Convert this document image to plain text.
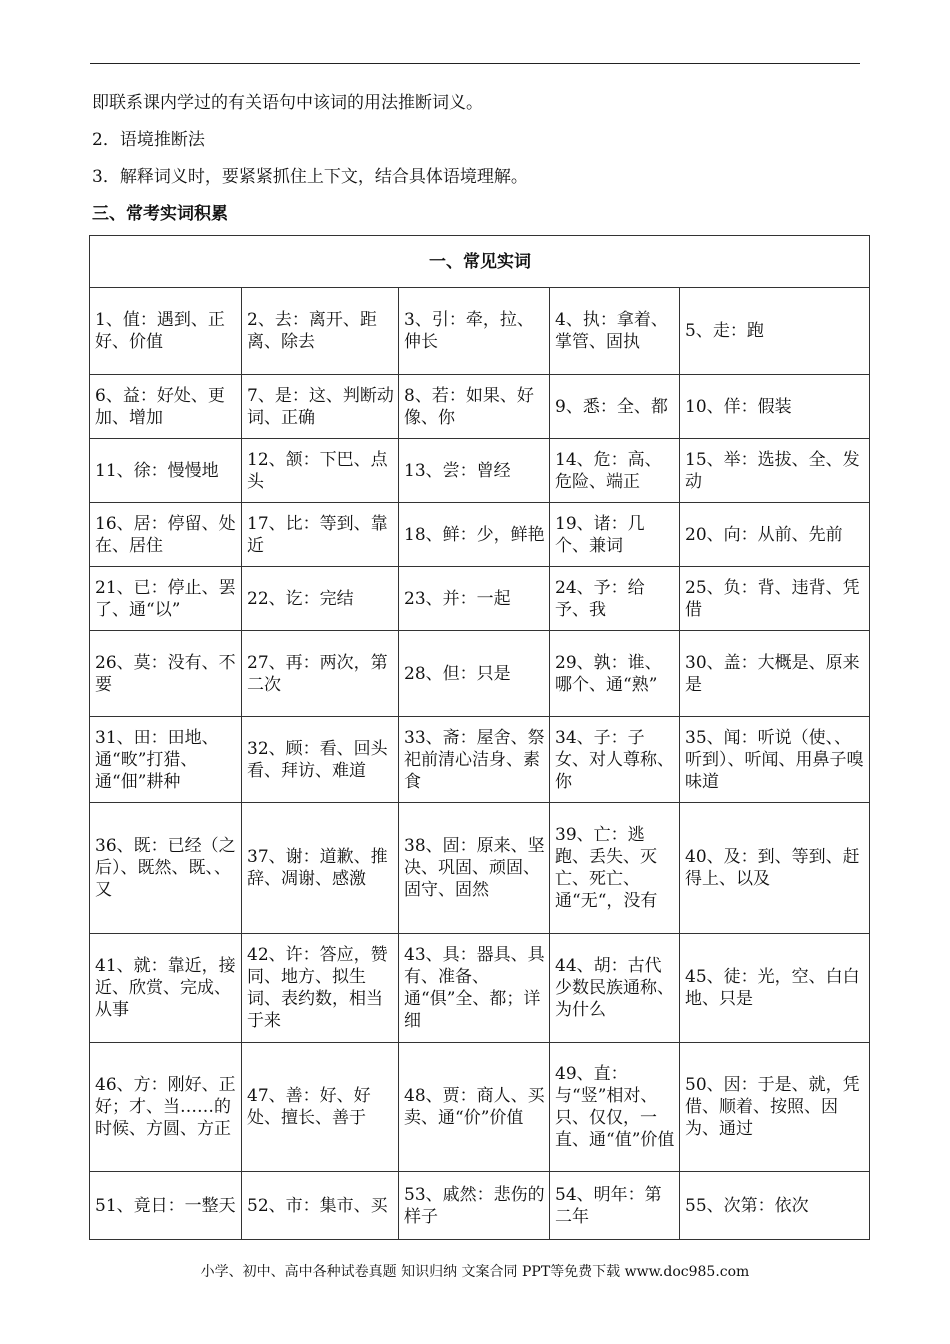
即联系课内学过的有关语句中该词的用法推断词义。
2．语境推断法
3．解释词义时，要紧紧抓住上下文，结合具体语境理解。
三、常考实词积累
一、常见实词				
1、值：遇到、正好、价值	2、去：离开、距离、除去	3、引：牵，拉、伸长	4、执：拿着、掌管、固执	5、走：跑
6、益：好处、更加、增加	7、是：这、判断动词、正确	8、若：如果、好像、你	9、悉：全、都	10、佯：假装
11、徐：慢慢地	12、颔：下巴、点头	13、尝：曾经	14、危：高、危险、端正	15、举：选拔、全、发动
16、居：停留、处在、居住	17、比：等到、靠近	18、鲜：少，鲜艳	19、诸：几个、兼词	20、向：从前、先前
21、已：停止、罢了、通“以”	22、讫：完结	23、并：一起	24、予：给予、我	25、负：背、违背、凭借
26、莫：没有、不要	27、再：两次，第二次	28、但：只是	29、孰：谁、哪个、通“熟”	30、盖：大概是、原来是
31、田：田地、通“畋”打猎、通“佃”耕种	32、顾：看、回头看、拜访、难道	33、斋：屋舍、祭祀前清心洁身、素食	34、子：子女、对人尊称、你	35、闻：听说（使、、听到）、听闻、用鼻子嗅味道
36、既：已经（之后）、既然、既、、又	37、谢：道歉、推辞、凋谢、感激	38、固：原来、坚决、巩固、顽固、固守、固然	39、亡：逃跑、丢失、灭亡、死亡、通“无“，没有	40、及：到、等到、赶得上、以及
41、就：靠近，接近、欣赏、完成、从事	42、许：答应，赞同、地方、拟生词、表约数，相当于来	43、具：器具、具有、准备、通“俱”全、都；详细	44、胡：古代少数民族通称、为什么	45、徒：光，空、白白地、只是
46、方：刚好、正好；才、当……的时候、方圆、方正	47、善：好、好处、擅长、善于	48、贾：商人、买卖、通“价”价值	49、直：与“竖”相对、只、仅仅，一直、通“值”价值	50、因：于是、就，凭借、顺着、按照、因为、通过
51、竟日：一整天	52、市：集市、买	53、戚然：悲伤的样子	54、明年：第二年	55、次第：依次
小学、初中、高中各种试卷真题 知识归纳 文案合同 PPT等免费下载 www.doc985.com
